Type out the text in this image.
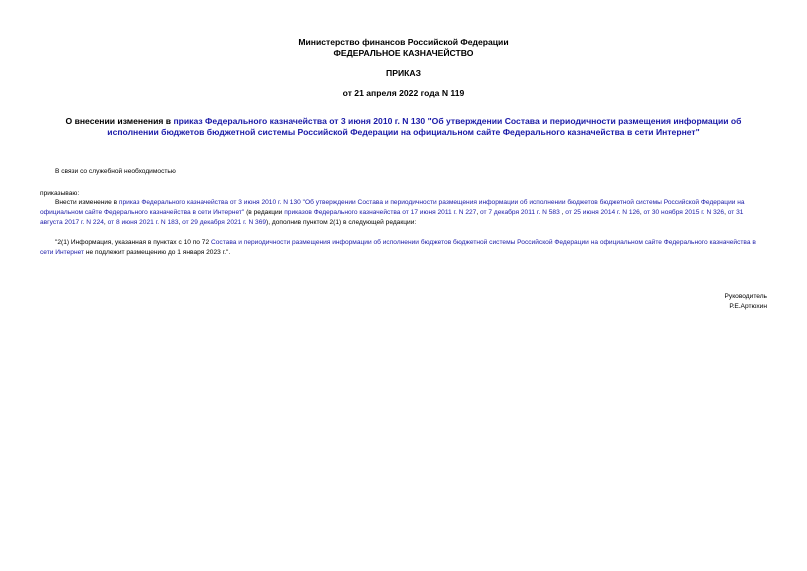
Министерство финансов Российской Федерации
ФЕДЕРАЛЬНОЕ КАЗНАЧЕЙСТВО
ПРИКАЗ
от 21 апреля 2022 года N 119
О внесении изменения в приказ Федерального казначейства от 3 июня 2010 г. N 130 "Об утверждении Состава и периодичности размещения информации об исполнении бюджетов бюджетной системы Российской Федерации на официальном сайте Федерального казначейства в сети Интернет"
В связи со служебной необходимостью
приказываю:
Внести изменение в приказ Федерального казначейства от 3 июня 2010 г. N 130 "Об утверждении Состава и периодичности размещения информации об исполнении бюджетов бюджетной системы Российской Федерации на официальном сайте Федерального казначейства в сети Интернет" (в редакции приказов Федерального казначейства от 17 июня 2011 г. N 227, от 7 декабря 2011 г. N 583 , от 25 июня 2014 г. N 126, от 30 ноября 2015 г. N 326, от 31 августа 2017 г. N 224, от 8 июня 2021 г. N 183, от 29 декабря 2021 г. N 369), дополнив пунктом 2(1) в следующей редакции:
"2(1) Информация, указанная в пунктах с 10 по 72 Состава и периодичности размещения информации об исполнении бюджетов бюджетной системы Российской Федерации на официальном сайте Федерального казначейства в сети Интернет не подлежит размещению до 1 января 2023 г.".
Руководитель
Р.Е.Артюхин
